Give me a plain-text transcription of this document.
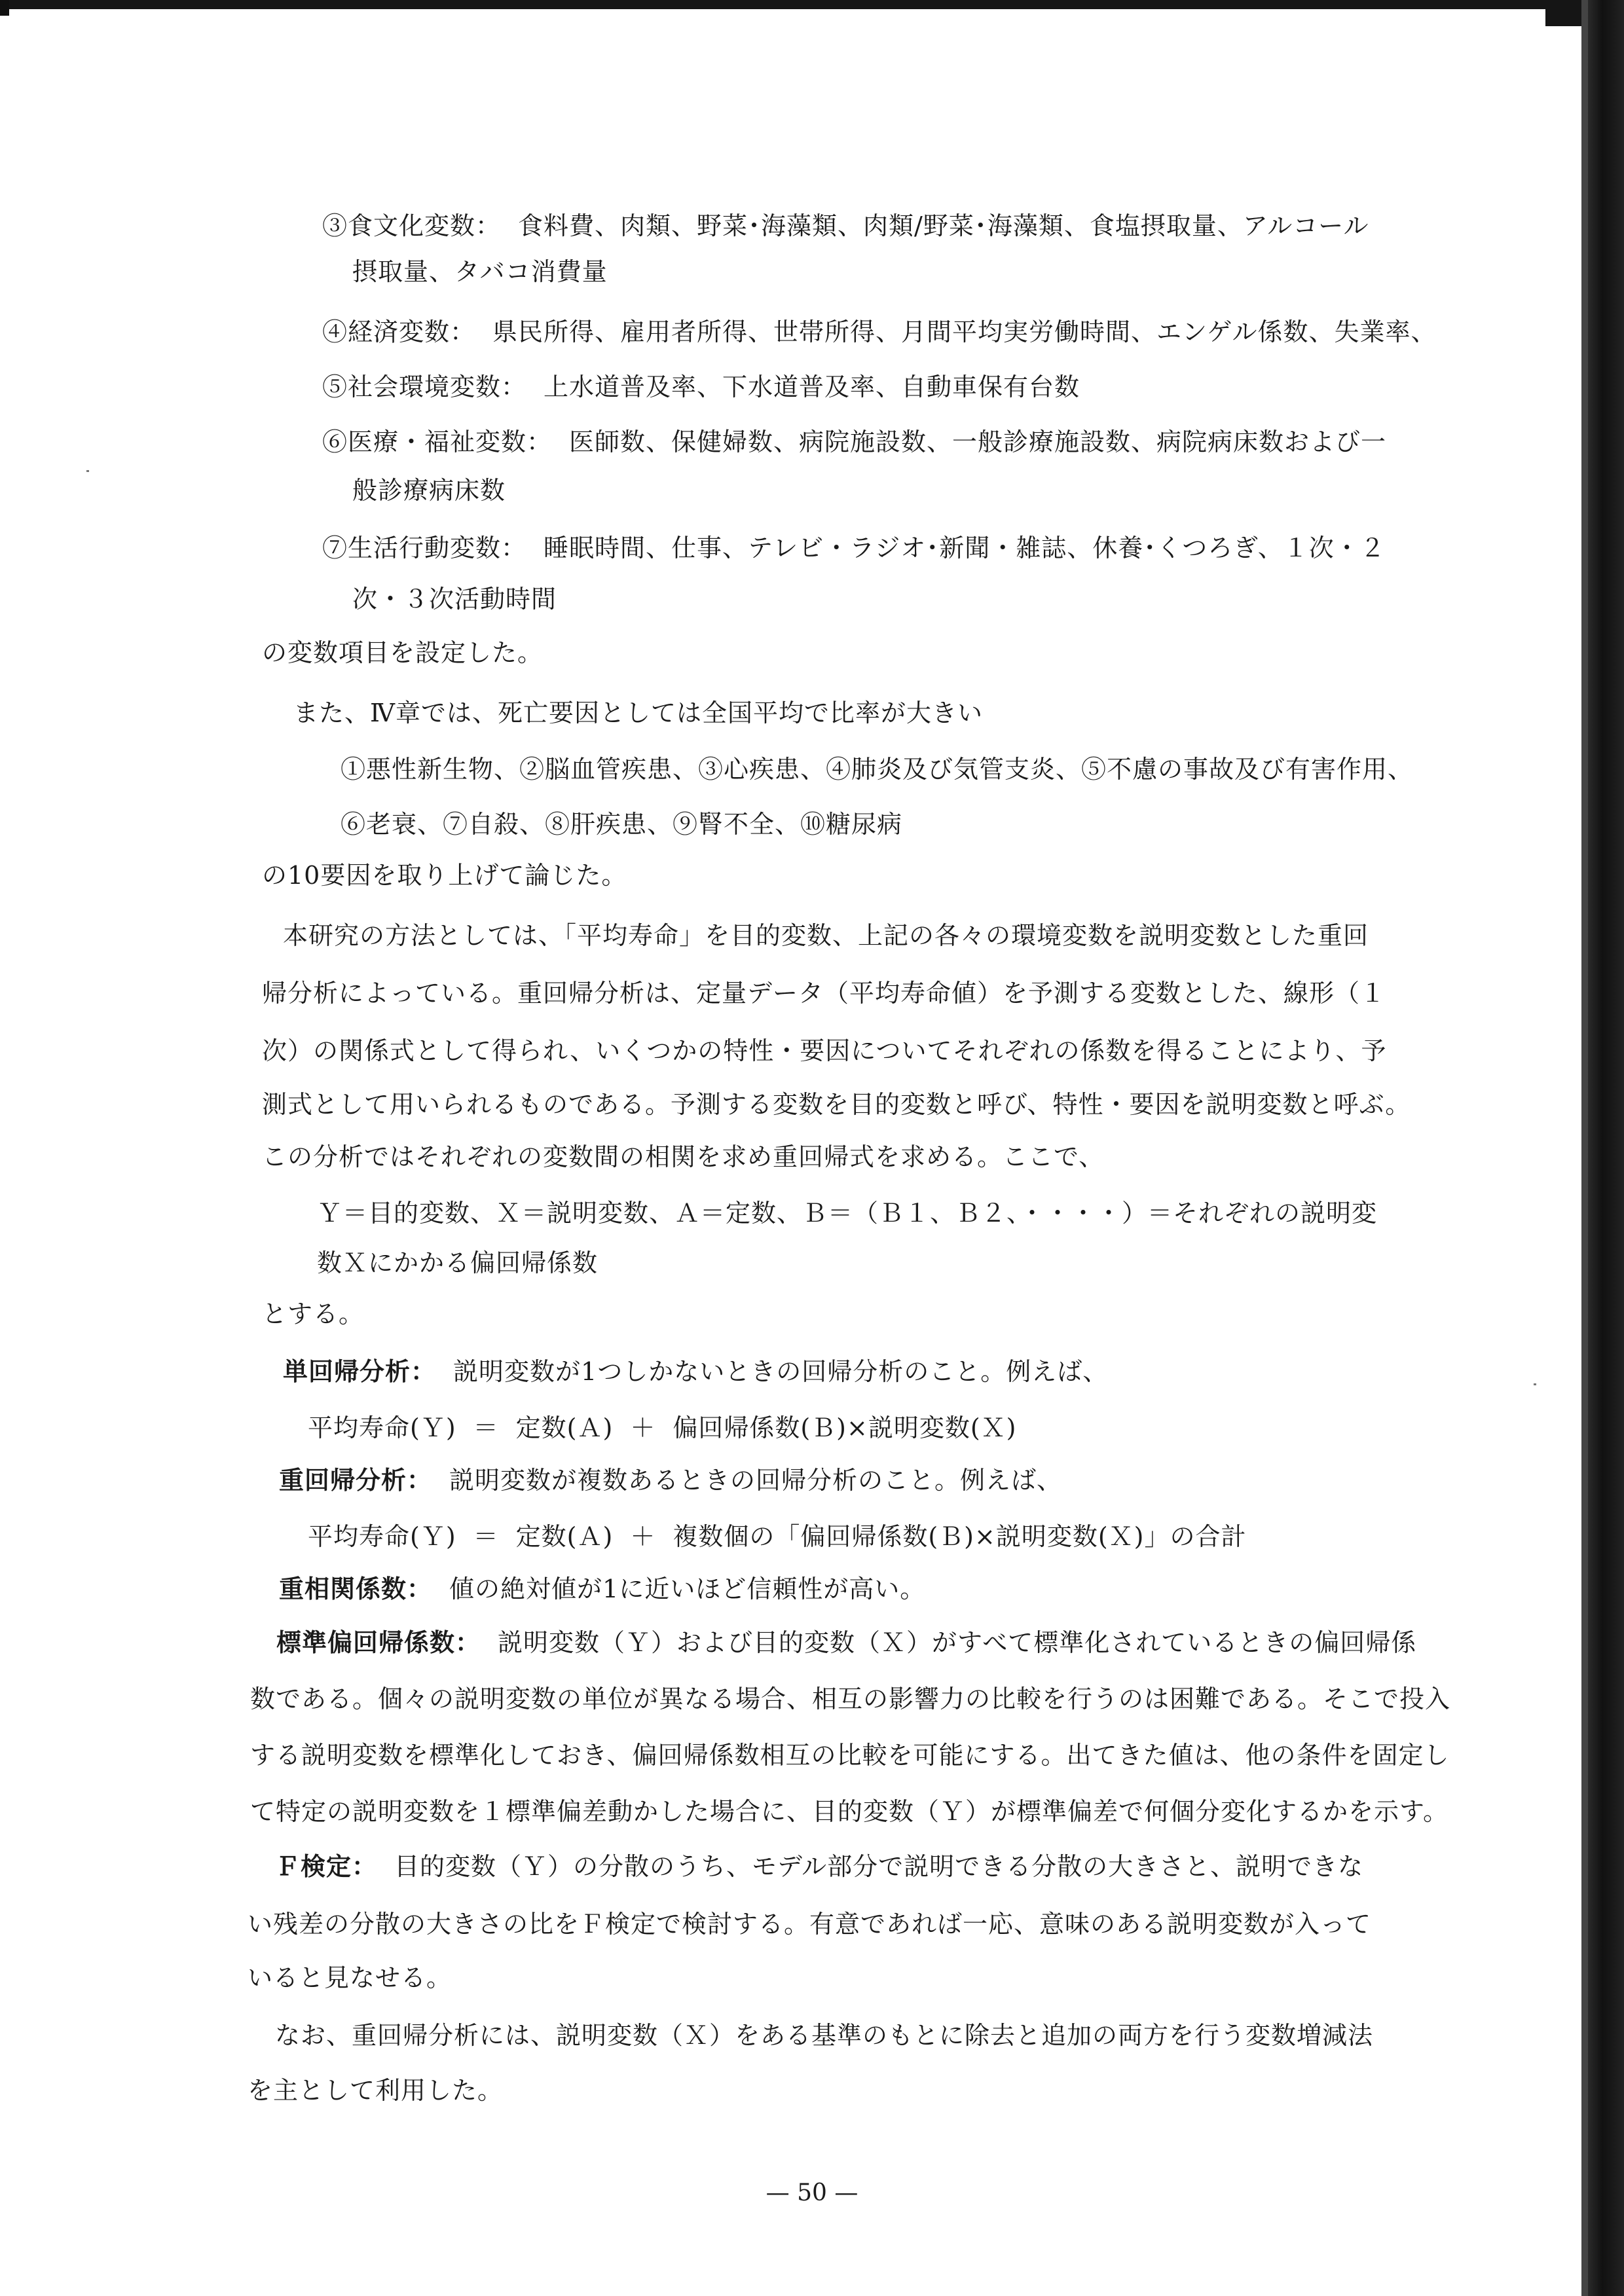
③食文化変数： 食料費、肉類、野菜･海藻類、肉類/野菜･海藻類、食塩摂取量、アルコール
摂取量、タバコ消費量
④経済変数： 県民所得、雇用者所得、世帯所得、月間平均実労働時間、エンゲル係数、失業率、
⑤社会環境変数： 上水道普及率、下水道普及率、自動車保有台数
⑥医療・福祉変数： 医師数、保健婦数、病院施設数、一般診療施設数、病院病床数および一
般診療病床数
⑦生活行動変数： 睡眠時間、仕事、テレビ・ラジオ･新聞・雑誌、休養･くつろぎ、１次・２
次・３次活動時間
の変数項目を設定した。
また、Ⅳ章では、死亡要因としては全国平均で比率が大きい
①悪性新生物、②脳血管疾患、③心疾患、④肺炎及び気管支炎、⑤不慮の事故及び有害作用、
⑥老衰、⑦自殺、⑧肝疾患、⑨腎不全、⑩糖尿病
の10要因を取り上げて論じた。
本研究の方法としては、「平均寿命」を目的変数、上記の各々の環境変数を説明変数とした重回
帰分析によっている。重回帰分析は、定量データ（平均寿命値）を予測する変数とした、線形（１
次）の関係式として得られ、いくつかの特性・要因についてそれぞれの係数を得ることにより、予
測式として用いられるものである。予測する変数を目的変数と呼び、特性・要因を説明変数と呼ぶ。
この分析ではそれぞれの変数間の相関を求め重回帰式を求める。ここで、
Ｙ＝目的変数、Ｘ＝説明変数、Ａ＝定数、Ｂ＝（Ｂ１、Ｂ２、・・・・）＝それぞれの説明変
数Ｘにかかる偏回帰係数
とする。
単回帰分析： 説明変数が1つしかないときの回帰分析のこと。例えば、
平均寿命(Ｙ) ＝ 定数(Ａ) ＋ 偏回帰係数(Ｂ)×説明変数(Ｘ)
重回帰分析： 説明変数が複数あるときの回帰分析のこと。例えば、
平均寿命(Ｙ) ＝ 定数(Ａ) ＋ 複数個の「偏回帰係数(Ｂ)×説明変数(Ｘ)」の合計
重相関係数： 値の絶対値が1に近いほど信頼性が高い。
標準偏回帰係数： 説明変数（Ｙ）および目的変数（Ｘ）がすべて標準化されているときの偏回帰係
数である。個々の説明変数の単位が異なる場合、相互の影響力の比較を行うのは困難である。そこで投入
する説明変数を標準化しておき、偏回帰係数相互の比較を可能にする。出てきた値は、他の条件を固定し
て特定の説明変数を１標準偏差動かした場合に、目的変数（Ｙ）が標準偏差で何個分変化するかを示す。
Ｆ検定： 目的変数（Ｙ）の分散のうち、モデル部分で説明できる分散の大きさと、説明できな
い残差の分散の大きさの比をＦ検定で検討する。有意であれば一応、意味のある説明変数が入って
いると見なせる。
なお、重回帰分析には、説明変数（Ｘ）をある基準のもとに除去と追加の両方を行う変数増減法
を主として利用した。
— 50 —
